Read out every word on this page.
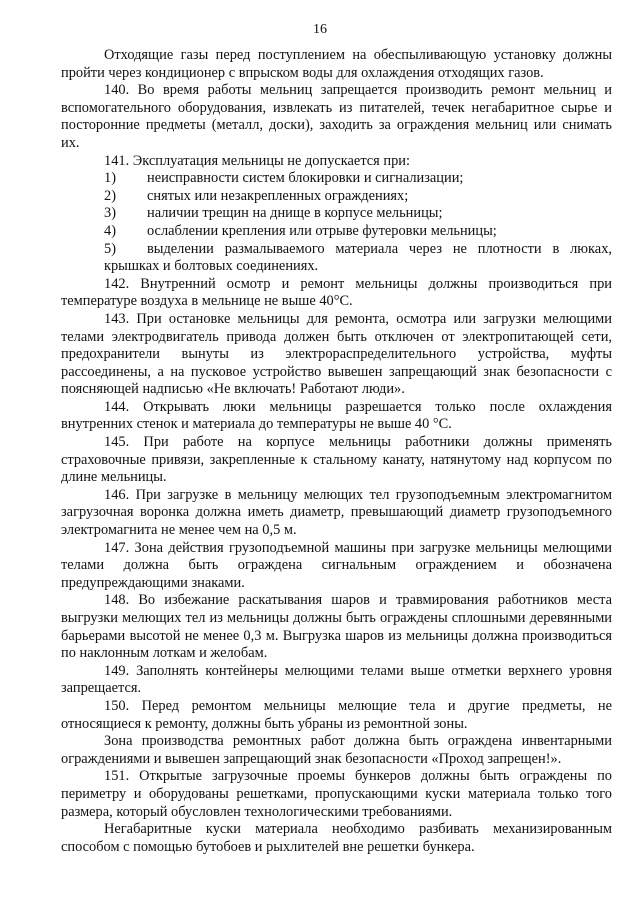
16

Отходящие газы перед поступлением на обеспыливающую установку должны пройти через кондиционер с впрыском воды для охлаждения отходящих газов.

140. Во время работы мельниц запрещается производить ремонт мельниц и вспомогательного оборудования, извлекать из питателей, течек негабаритное сырье и посторонние предметы (металл, доски), заходить за ограждения мельниц или снимать их.

141. Эксплуатация мельницы не допускается при:

1)	неисправности систем блокировки и сигнализации;
2)	снятых или незакрепленных ограждениях;
3)	наличии трещин на днище в корпусе мельницы;
4)	ослаблении крепления или отрыве футеровки мельницы;
5) выделении размалываемого материала через не плотности в люках, крышках и болтовых соединениях.

142. Внутренний осмотр и ремонт мельницы должны производиться при температуре воздуха в мельнице не выше 40°С.

143. При остановке мельницы для ремонта, осмотра или загрузки мелющими телами электродвигатель привода должен быть отключен от электропитающей сети, предохранители вынуты из электрораспределительного устройства, муфты рассоединены, а на пусковое устройство вывешен запрещающий знак безопасности с поясняющей надписью «Не включать! Работают люди».

144. Открывать люки мельницы разрешается только после охлаждения внутренних стенок и материала до температуры не выше 40 °С.

145. При работе на корпусе мельницы работники должны применять страховочные привязи, закрепленные к стальному канату, натянутому над корпусом по длине мельницы.

146. При загрузке в мельницу мелющих тел грузоподъемным электромагнитом загрузочная воронка должна иметь диаметр, превышающий диаметр грузоподъемного электромагнита не менее чем на 0,5 м.

147. Зона действия грузоподъемной машины при загрузке мельницы мелющими телами должна быть ограждена сигнальным ограждением и обозначена предупреждающими знаками.

148. Во избежание раскатывания шаров и травмирования работников места выгрузки мелющих тел из мельницы должны быть ограждены сплошными деревянными барьерами высотой не менее 0,3 м. Выгрузка шаров из мельницы должна производиться по наклонным лоткам и желобам.

149. Заполнять контейнеры мелющими телами выше отметки верхнего уровня запрещается.

150. Перед ремонтом мельницы мелющие тела и другие предметы, не относящиеся к ремонту, должны быть убраны из ремонтной зоны.

Зона производства ремонтных работ должна быть ограждена инвентарными ограждениями и вывешен запрещающий знак безопасности «Проход запрещен!».

151. Открытые загрузочные проемы бункеров должны быть ограждены по периметру и оборудованы решетками, пропускающими куски материала только того размера, который обусловлен технологическими требованиями.

Негабаритные куски материала необходимо разбивать механизированным способом с помощью бутобоев и рыхлителей вне решетки бункера.
